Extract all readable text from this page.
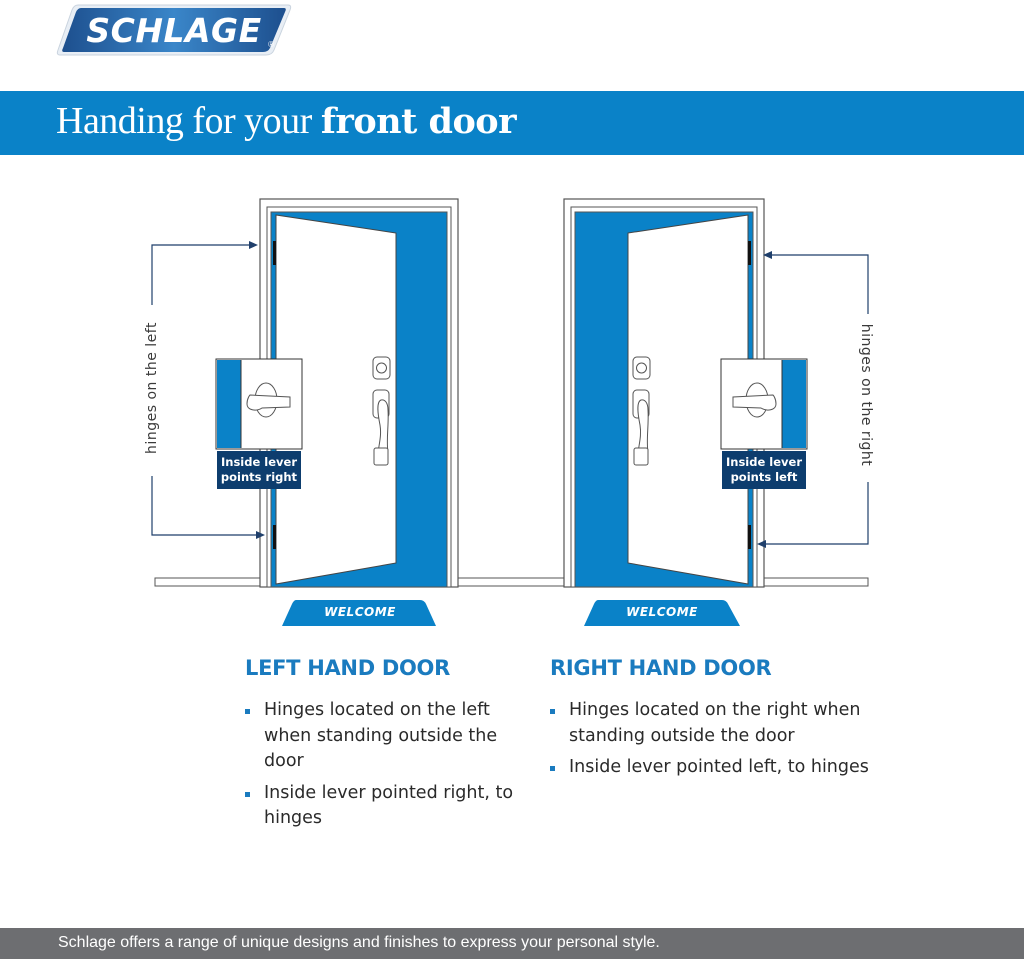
SCHLAGE ®
Handing for your front door
hinges on the left	hinges on the right
Inside lever
points right
Inside lever
points left
WELCOME	WELCOME
LEFT HAND DOOR
Hinges located on the left when standing outside the door
Inside lever pointed right, to hinges
RIGHT HAND DOOR
Hinges located on the right when standing outside the door
Inside lever pointed left, to hinges
Schlage offers a range of unique designs and finishes to express your personal style.
